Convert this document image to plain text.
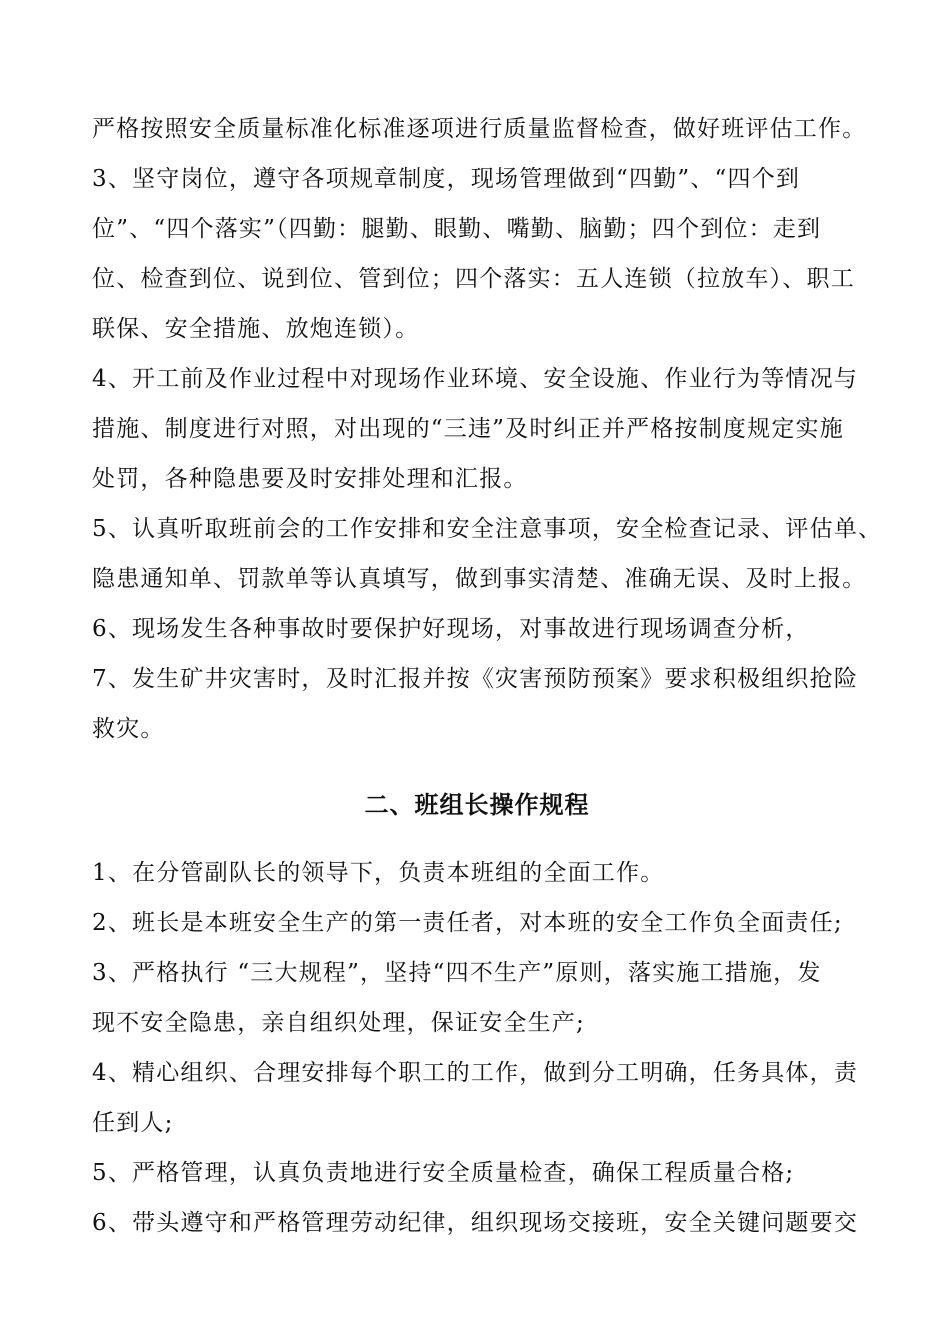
严格按照安全质量标准化标准逐项进行质量监督检查，做好班评估工作。
3、坚守岗位，遵守各项规章制度，现场管理做到“四勤”、“四个到
位”、“四个落实”（四勤：腿勤、眼勤、嘴勤、脑勤；四个到位：走到
位、检查到位、说到位、管到位；四个落实：五人连锁（拉放车）、职工
联保、安全措施、放炮连锁）。
4、开工前及作业过程中对现场作业环境、安全设施、作业行为等情况与
措施、制度进行对照，对出现的“三违”及时纠正并严格按制度规定实施
处罚，各种隐患要及时安排处理和汇报。
5、认真听取班前会的工作安排和安全注意事项，安全检查记录、评估单、
隐患通知单、罚款单等认真填写，做到事实清楚、准确无误、及时上报。
6、现场发生各种事故时要保护好现场，对事故进行现场调查分析，
7、发生矿井灾害时，及时汇报并按《灾害预防预案》要求积极组织抢险
救灾。
二、班组长操作规程
1、在分管副队长的领导下，负责本班组的全面工作。
2、班长是本班安全生产的第一责任者，对本班的安全工作负全面责任;
3、严格执行 “三大规程”，坚持“四不生产”原则，落实施工措施，发
现不安全隐患，亲自组织处理，保证安全生产;
4、精心组织、合理安排每个职工的工作，做到分工明确，任务具体，责
任到人;
5、严格管理，认真负责地进行安全质量检查，确保工程质量合格;
6、带头遵守和严格管理劳动纪律，组织现场交接班，安全关键问题要交
